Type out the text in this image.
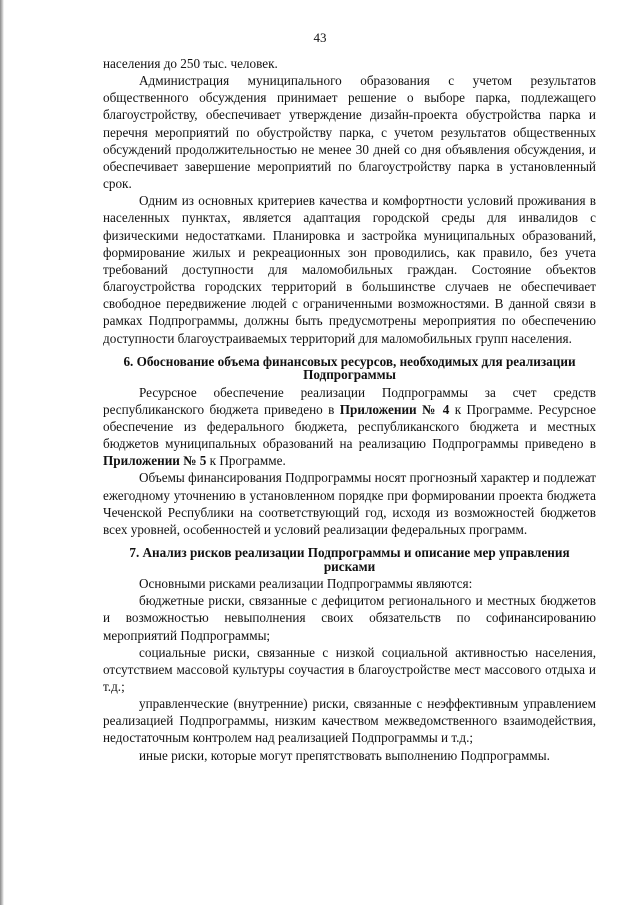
43

населения до 250 тыс. человек.

Администрация муниципального образования с учетом результатов общественного обсуждения принимает решение о выборе парка, подлежащего благоустройству, обеспечивает утверждение дизайн-проекта обустройства парка и перечня мероприятий по обустройству парка, с учетом результатов общественных обсуждений продолжительностью не менее 30 дней со дня объявления обсуждения, и обеспечивает завершение мероприятий по благоустройству парка в установленный срок.

Одним из основных критериев качества и комфортности условий проживания в населенных пунктах, является адаптация городской среды для инвалидов с физическими недостатками. Планировка и застройка муниципальных образований, формирование жилых и рекреационных зон проводились, как правило, без учета требований доступности для маломобильных граждан. Состояние объектов благоустройства городских территорий в большинстве случаев не обеспечивает свободное передвижение людей с ограниченными возможностями. В данной связи в рамках Подпрограммы, должны быть предусмотрены мероприятия по обеспечению доступности благоустраиваемых территорий для маломобильных групп населения.

6. Обоснование объема финансовых ресурсов, необходимых для реализации Подпрограммы

Ресурсное обеспечение реализации Подпрограммы за счет средств республиканского бюджета приведено в Приложении № 4 к Программе. Ресурсное обеспечение из федерального бюджета, республиканского бюджета и местных бюджетов муниципальных образований на реализацию Подпрограммы приведено в Приложении № 5 к Программе.

Объемы финансирования Подпрограммы носят прогнозный характер и подлежат ежегодному уточнению в установленном порядке при формировании проекта бюджета Чеченской Республики на соответствующий год, исходя из возможностей бюджетов всех уровней, особенностей и условий реализации федеральных программ.

7. Анализ рисков реализации Подпрограммы и описание мер управления рисками

Основными рисками реализации Подпрограммы являются:

бюджетные риски, связанные с дефицитом регионального и местных бюджетов и возможностью невыполнения своих обязательств по софинансированию мероприятий Подпрограммы;

социальные риски, связанные с низкой социальной активностью населения, отсутствием массовой культуры соучастия в благоустройстве мест массового отдыха и т.д.;

управленческие (внутренние) риски, связанные с неэффективным управлением реализацией Подпрограммы, низким качеством межведомственного взаимодействия, недостаточным контролем над реализацией Подпрограммы и т.д.;

иные риски, которые могут препятствовать выполнению Подпрограммы.
